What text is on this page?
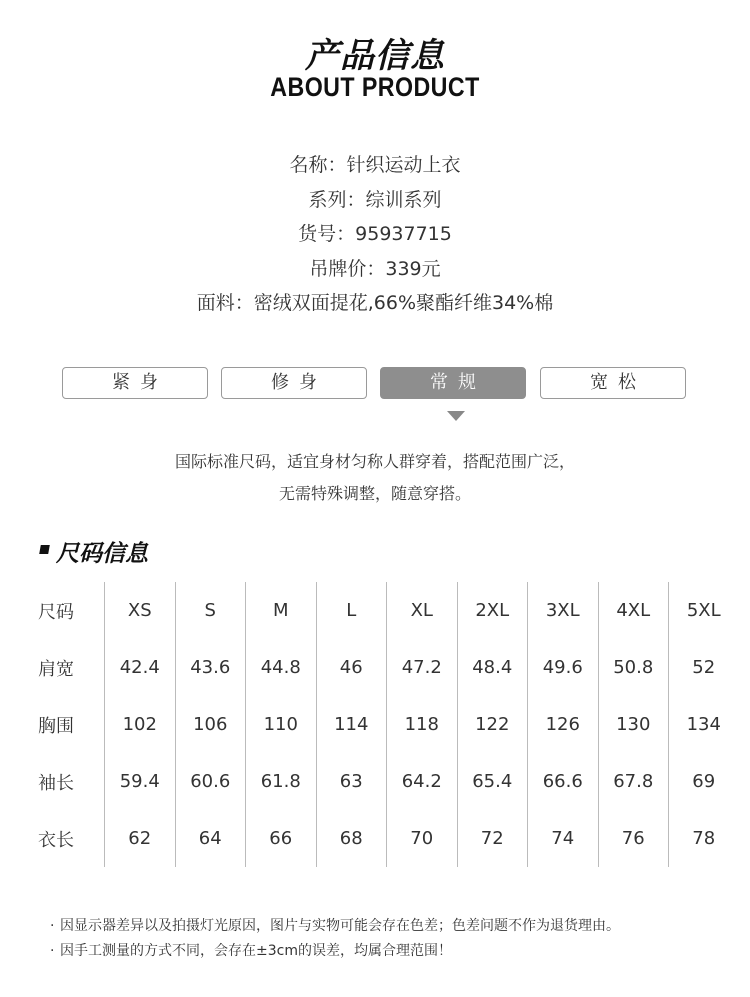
产品信息
ABOUT PRODUCT
名称：针织运动上衣
系列：综训系列
货号：95937715
吊牌价：339元
面料：密绒双面提花,66%聚酯纤维34%棉
紧身	修身	常规	宽松
国际标准尺码，适宜身材匀称人群穿着，搭配范围广泛，
无需特殊调整，随意穿搭。
尺码信息
尺码	XS	S	M	L	XL	2XL	3XL	4XL	5XL
肩宽	42.4	43.6	44.8	46	47.2	48.4	49.6	50.8	52
胸围	102	106	110	114	118	122	126	130	134
袖长	59.4	60.6	61.8	63	64.2	65.4	66.6	67.8	69
衣长	62	64	66	68	70	72	74	76	78
· 因显示器差异以及拍摄灯光原因，图片与实物可能会存在色差；色差问题不作为退货理由。
· 因手工测量的方式不同，会存在±3cm的误差，均属合理范围！
